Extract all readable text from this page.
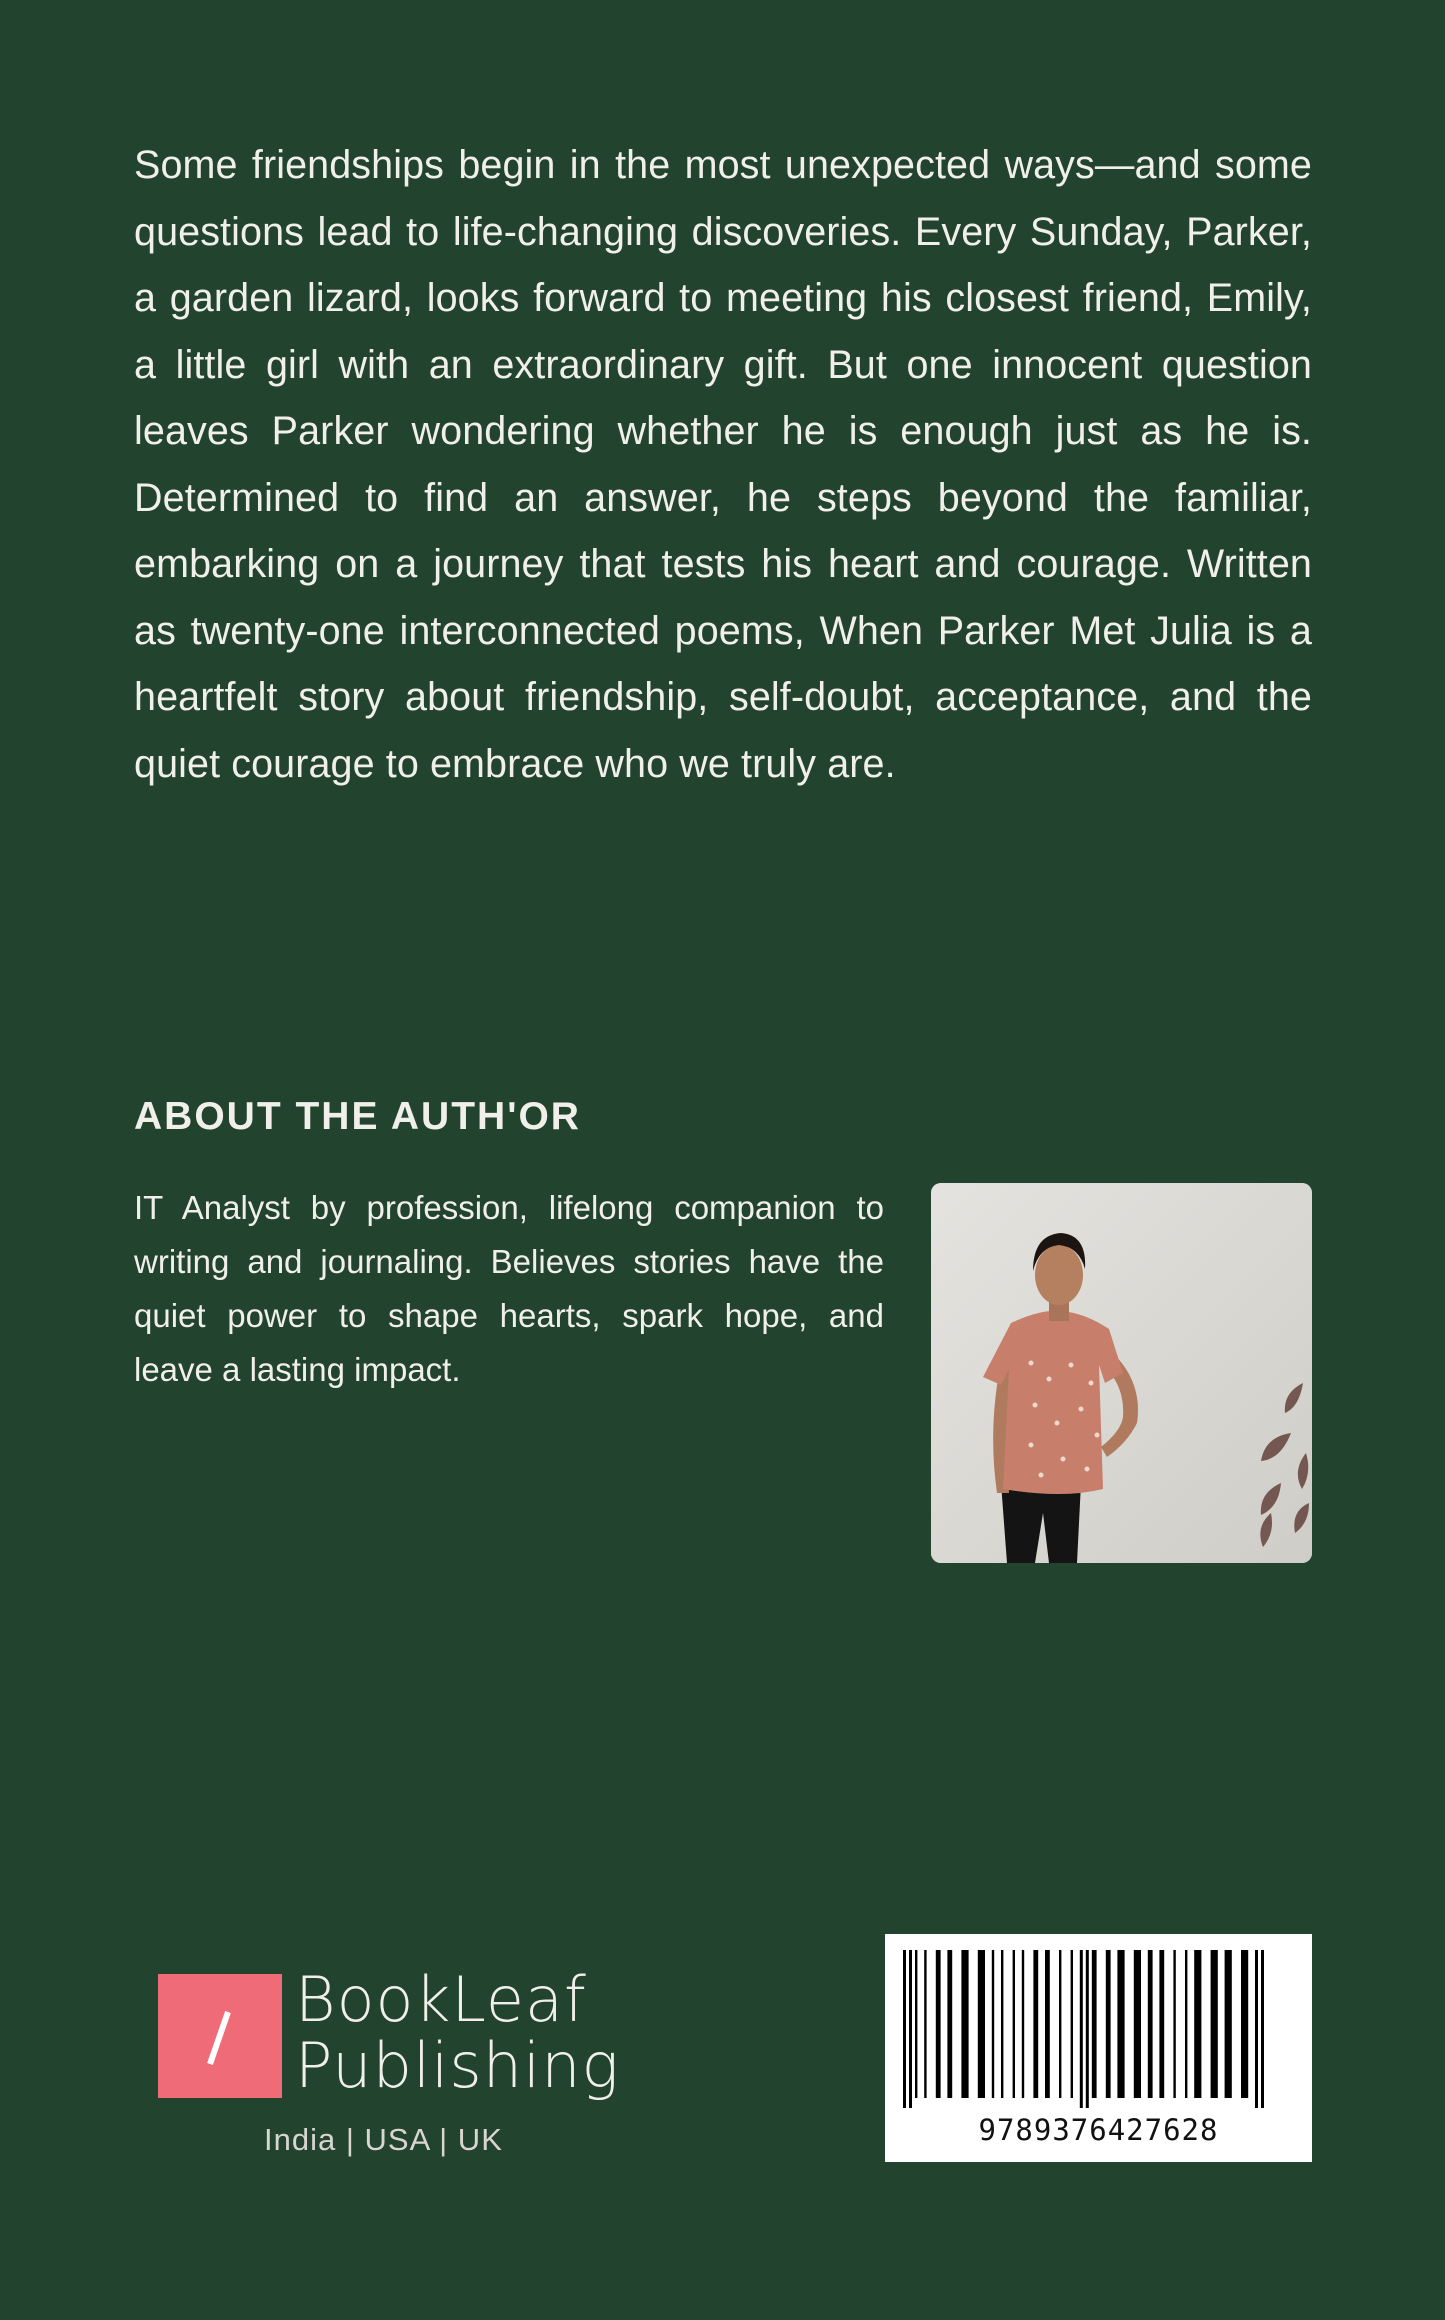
Some friendships begin in the most unexpected ways—and some questions lead to life-changing discoveries. Every Sunday, Parker, a garden lizard, looks forward to meeting his closest friend, Emily, a little girl with an extraordinary gift. But one innocent question leaves Parker wondering whether he is enough just as he is. Determined to find an answer, he steps beyond the familiar, embarking on a journey that tests his heart and courage. Written as twenty-one interconnected poems, When Parker Met Julia is a heartfelt story about friendship, self-doubt, acceptance, and the quiet courage to embrace who we truly are.

ABOUT THE AUTH'OR

IT Analyst by profession, lifelong companion to writing and journaling. Believes stories have the quiet power to shape hearts, spark hope, and leave a lasting impact.

BookLeaf
Publishing
India | USA | UK	9789376427628
